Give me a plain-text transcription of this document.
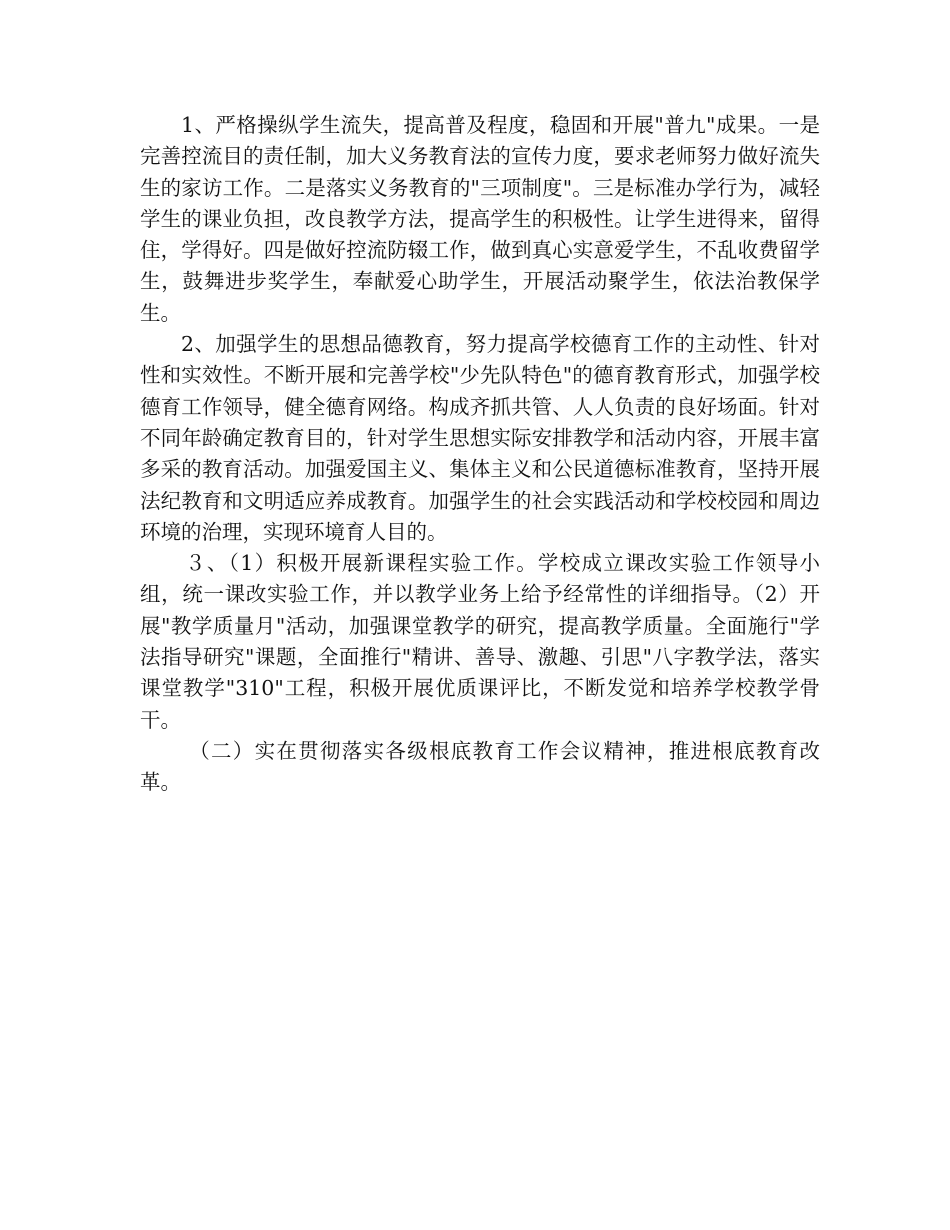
1、严格操纵学生流失，提高普及程度，稳固和开展"普九"成果。一是完善控流目的责任制，加大义务教育法的宣传力度，要求老师努力做好流失生的家访工作。二是落实义务教育的"三项制度"。三是标准办学行为，减轻学生的课业负担，改良教学方法，提高学生的积极性。让学生进得来，留得住，学得好。四是做好控流防辍工作，做到真心实意爱学生，不乱收费留学生，鼓舞进步奖学生，奉献爱心助学生，开展活动聚学生，依法治教保学生。

2、加强学生的思想品德教育，努力提高学校德育工作的主动性、针对性和实效性。不断开展和完善学校"少先队特色"的德育教育形式，加强学校德育工作领导，健全德育网络。构成齐抓共管、人人负责的良好场面。针对不同年龄确定教育目的，针对学生思想实际安排教学和活动内容，开展丰富多采的教育活动。加强爱国主义、集体主义和公民道德标准教育，坚持开展法纪教育和文明适应养成教育。加强学生的社会实践活动和学校校园和周边环境的治理，实现环境育人目的。

３、（1）积极开展新课程实验工作。学校成立课改实验工作领导小组，统一课改实验工作，并以教学业务上给予经常性的详细指导。（2）开展"教学质量月"活动，加强课堂教学的研究，提高教学质量。全面施行"学法指导研究"课题，全面推行"精讲、善导、激趣、引思"八字教学法，落实课堂教学"310"工程，积极开展优质课评比，不断发觉和培养学校教学骨干。

（二）实在贯彻落实各级根底教育工作会议精神，推进根底教育改革。
